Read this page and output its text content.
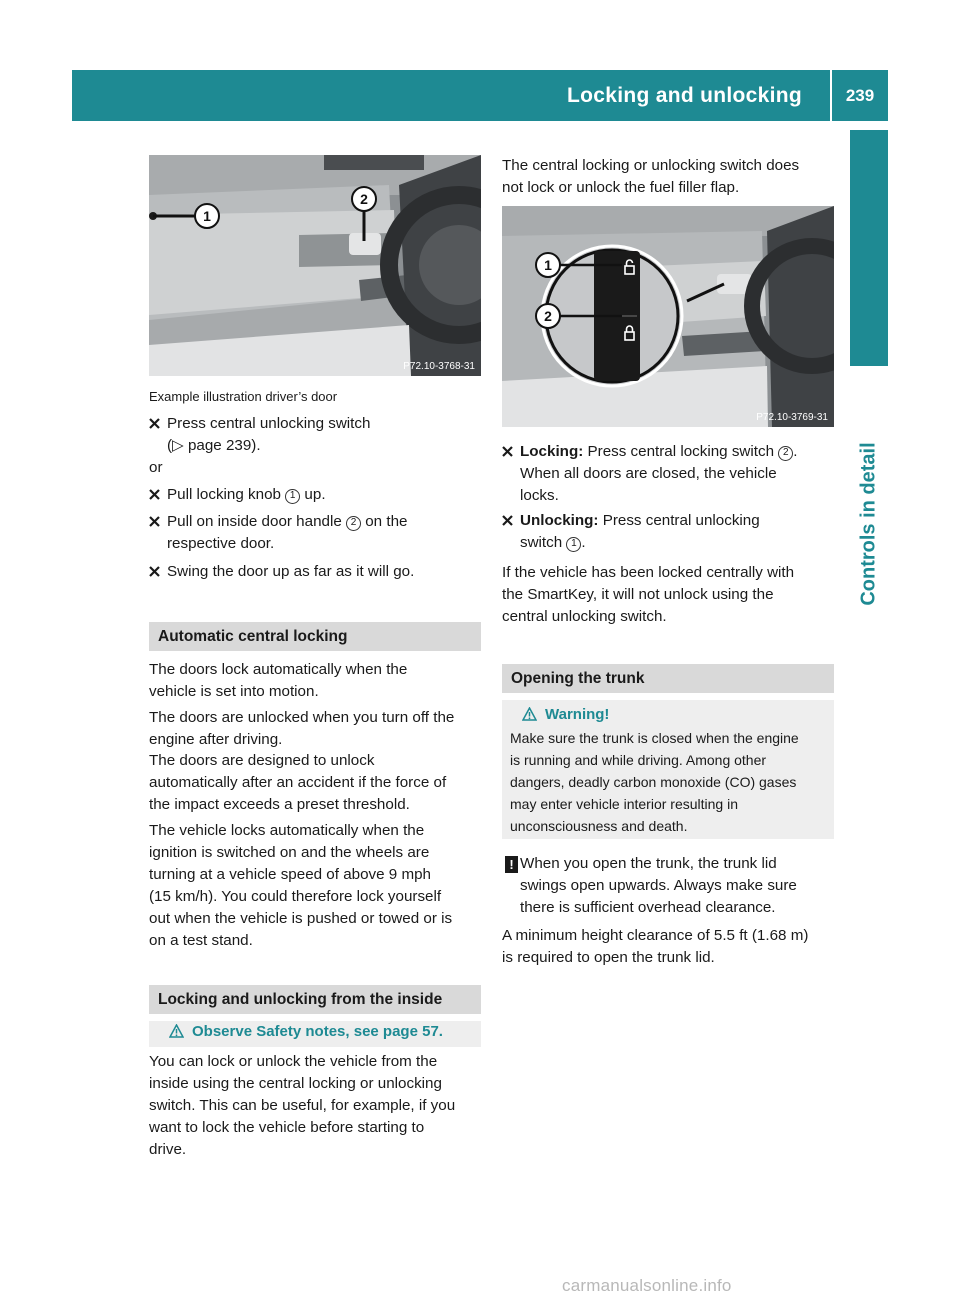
Locking and unlocking	239
Controls in detail
1
2
P72.10-3768-31
Example illustration driver’s door
Press central unlocking switch
(▷ page 239).
or
Pull locking knob 1 up.
Pull on inside door handle 2 on the
respective door.
Swing the door up as far as it will go.
Automatic central locking

The doors lock automatically when the

vehicle is set into motion.

The doors are unlocked when you turn off the

engine after driving.

The doors are designed to unlock

automatically after an accident if the force of

the impact exceeds a preset threshold.

The vehicle locks automatically when the

ignition is switched on and the wheels are

turning at a vehicle speed of above 9 mph

(15 km/h). You could therefore lock yourself

out when the vehicle is pushed or towed or is

on a test stand.

Locking and unlocking from the inside
Observe Safety notes, see page 57.

You can lock or unlock the vehicle from the

inside using the central locking or unlocking

switch. This can be useful, for example, if you

want to lock the vehicle before starting to

drive.

The central locking or unlocking switch does

not lock or unlock the fuel filler flap.

1
2
P72.10-3769-31
Locking: Press central locking switch 2 .
When all doors are closed, the vehicle
locks.
Unlocking: Press central unlocking
switch 1 .

If the vehicle has been locked centrally with

the SmartKey, it will not unlock using the

central unlocking switch.

Opening the trunk
Warning!
Make sure the trunk is closed when the engine
is running and while driving. Among other
dangers, deadly carbon monoxide (CO) gases
may enter vehicle interior resulting in
unconsciousness and death.
! When you open the trunk, the trunk lid

swings open upwards. Always make sure

there is sufficient overhead clearance.

A minimum height clearance of 5.5 ft (1.68 m)

is required to open the trunk lid.

carmanualsonline.info
